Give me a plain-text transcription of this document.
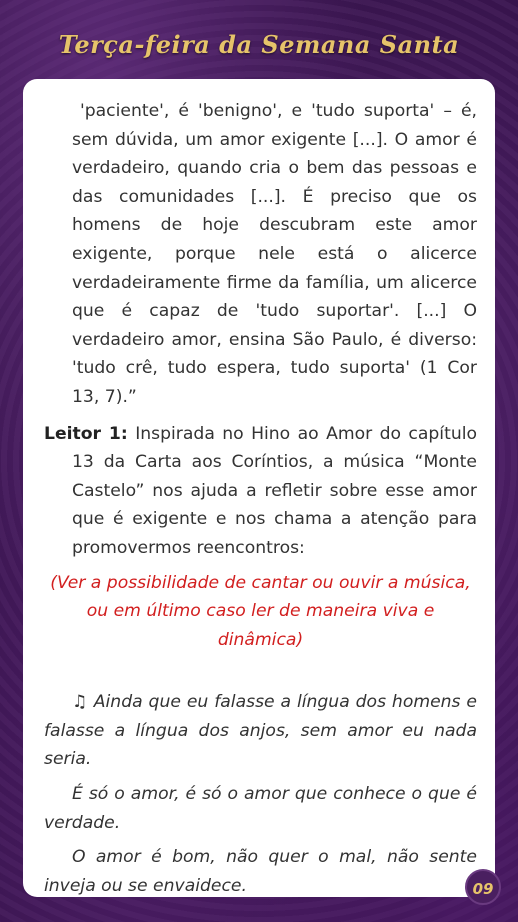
Terça-feira da Semana Santa

'paciente', é 'benigno', e 'tudo suporta' – é, sem dúvida, um amor exigente [...]. O amor é verdadeiro, quando cria o bem das pessoas e das comunidades [...]. É preciso que os homens de hoje descubram este amor exigente, porque nele está o alicerce verdadeiramente firme da família, um alicerce que é capaz de 'tudo suportar'. [...] O verdadeiro amor, ensina São Paulo, é diverso: 'tudo crê, tudo espera, tudo suporta' (1 Cor 13, 7).”

Leitor 1: Inspirada no Hino ao Amor do capítulo 13 da Carta aos Coríntios, a música “Monte Castelo” nos ajuda a refletir sobre esse amor que é exigente e nos chama a atenção para promovermos reencontros:

(Ver a possibilidade de cantar ou ouvir a música, ou em último caso ler de maneira viva e dinâmica)

♫ Ainda que eu falasse a língua dos homens e falasse a língua dos anjos, sem amor eu nada seria.

É só o amor, é só o amor que conhece o que é verdade.

O amor é bom, não quer o mal, não sente inveja ou se envaidece.	09
